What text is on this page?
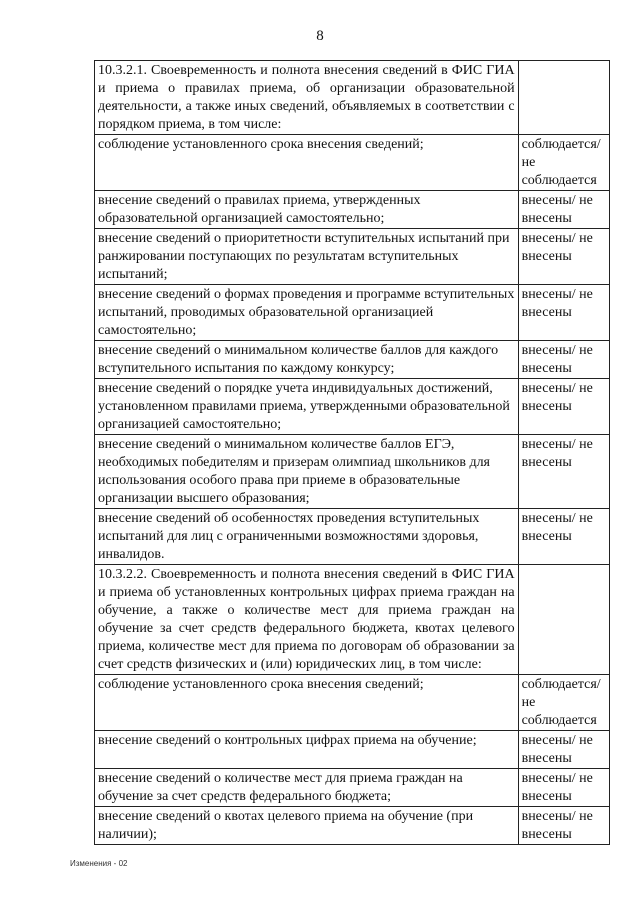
8
10.3.2.1. Своевременность и полнота внесения сведений в ФИС ГИА и приема о правилах приема, об организации образовательной деятельности, а также иных сведений, объявляемых в соответствии с порядком приема, в том числе:	
соблюдение установленного срока внесения сведений;	соблюдается/ не соблюдается
внесение сведений о правилах приема, утвержденных образовательной организацией самостоятельно;	внесены/ не внесены
внесение сведений о приоритетности вступительных испытаний при ранжировании поступающих по результатам вступительных испытаний;	внесены/ не внесены
внесение сведений о формах проведения и программе вступительных испытаний, проводимых образовательной организацией самостоятельно;	внесены/ не внесены
внесение сведений о минимальном количестве баллов для каждого вступительного испытания по каждому конкурсу;	внесены/ не внесены
внесение сведений о порядке учета индивидуальных достижений, установленном правилами приема, утвержденными образовательной организацией самостоятельно;	внесены/ не внесены
внесение сведений о минимальном количестве баллов ЕГЭ, необходимых победителям и призерам олимпиад школьников для использования особого права при приеме в образовательные организации высшего образования;	внесены/ не внесены
внесение сведений об особенностях проведения вступительных испытаний для лиц с ограниченными возможностями здоровья, инвалидов.	внесены/ не внесены
10.3.2.2. Своевременность и полнота внесения сведений в ФИС ГИА и приема об установленных контрольных цифрах приема граждан на обучение, а также о количестве мест для приема граждан на обучение за счет средств федерального бюджета, квотах целевого приема, количестве мест для приема по договорам об образовании за счет средств физических и (или) юридических лиц, в том числе:	
соблюдение установленного срока внесения сведений;	соблюдается/ не соблюдается
внесение сведений о контрольных цифрах приема на обучение;	внесены/ не внесены
внесение сведений о количестве мест для приема граждан на обучение за счет средств федерального бюджета;	внесены/ не внесены
внесение сведений о квотах целевого приема на обучение (при наличии);	внесены/ не внесены
Изменения - 02
